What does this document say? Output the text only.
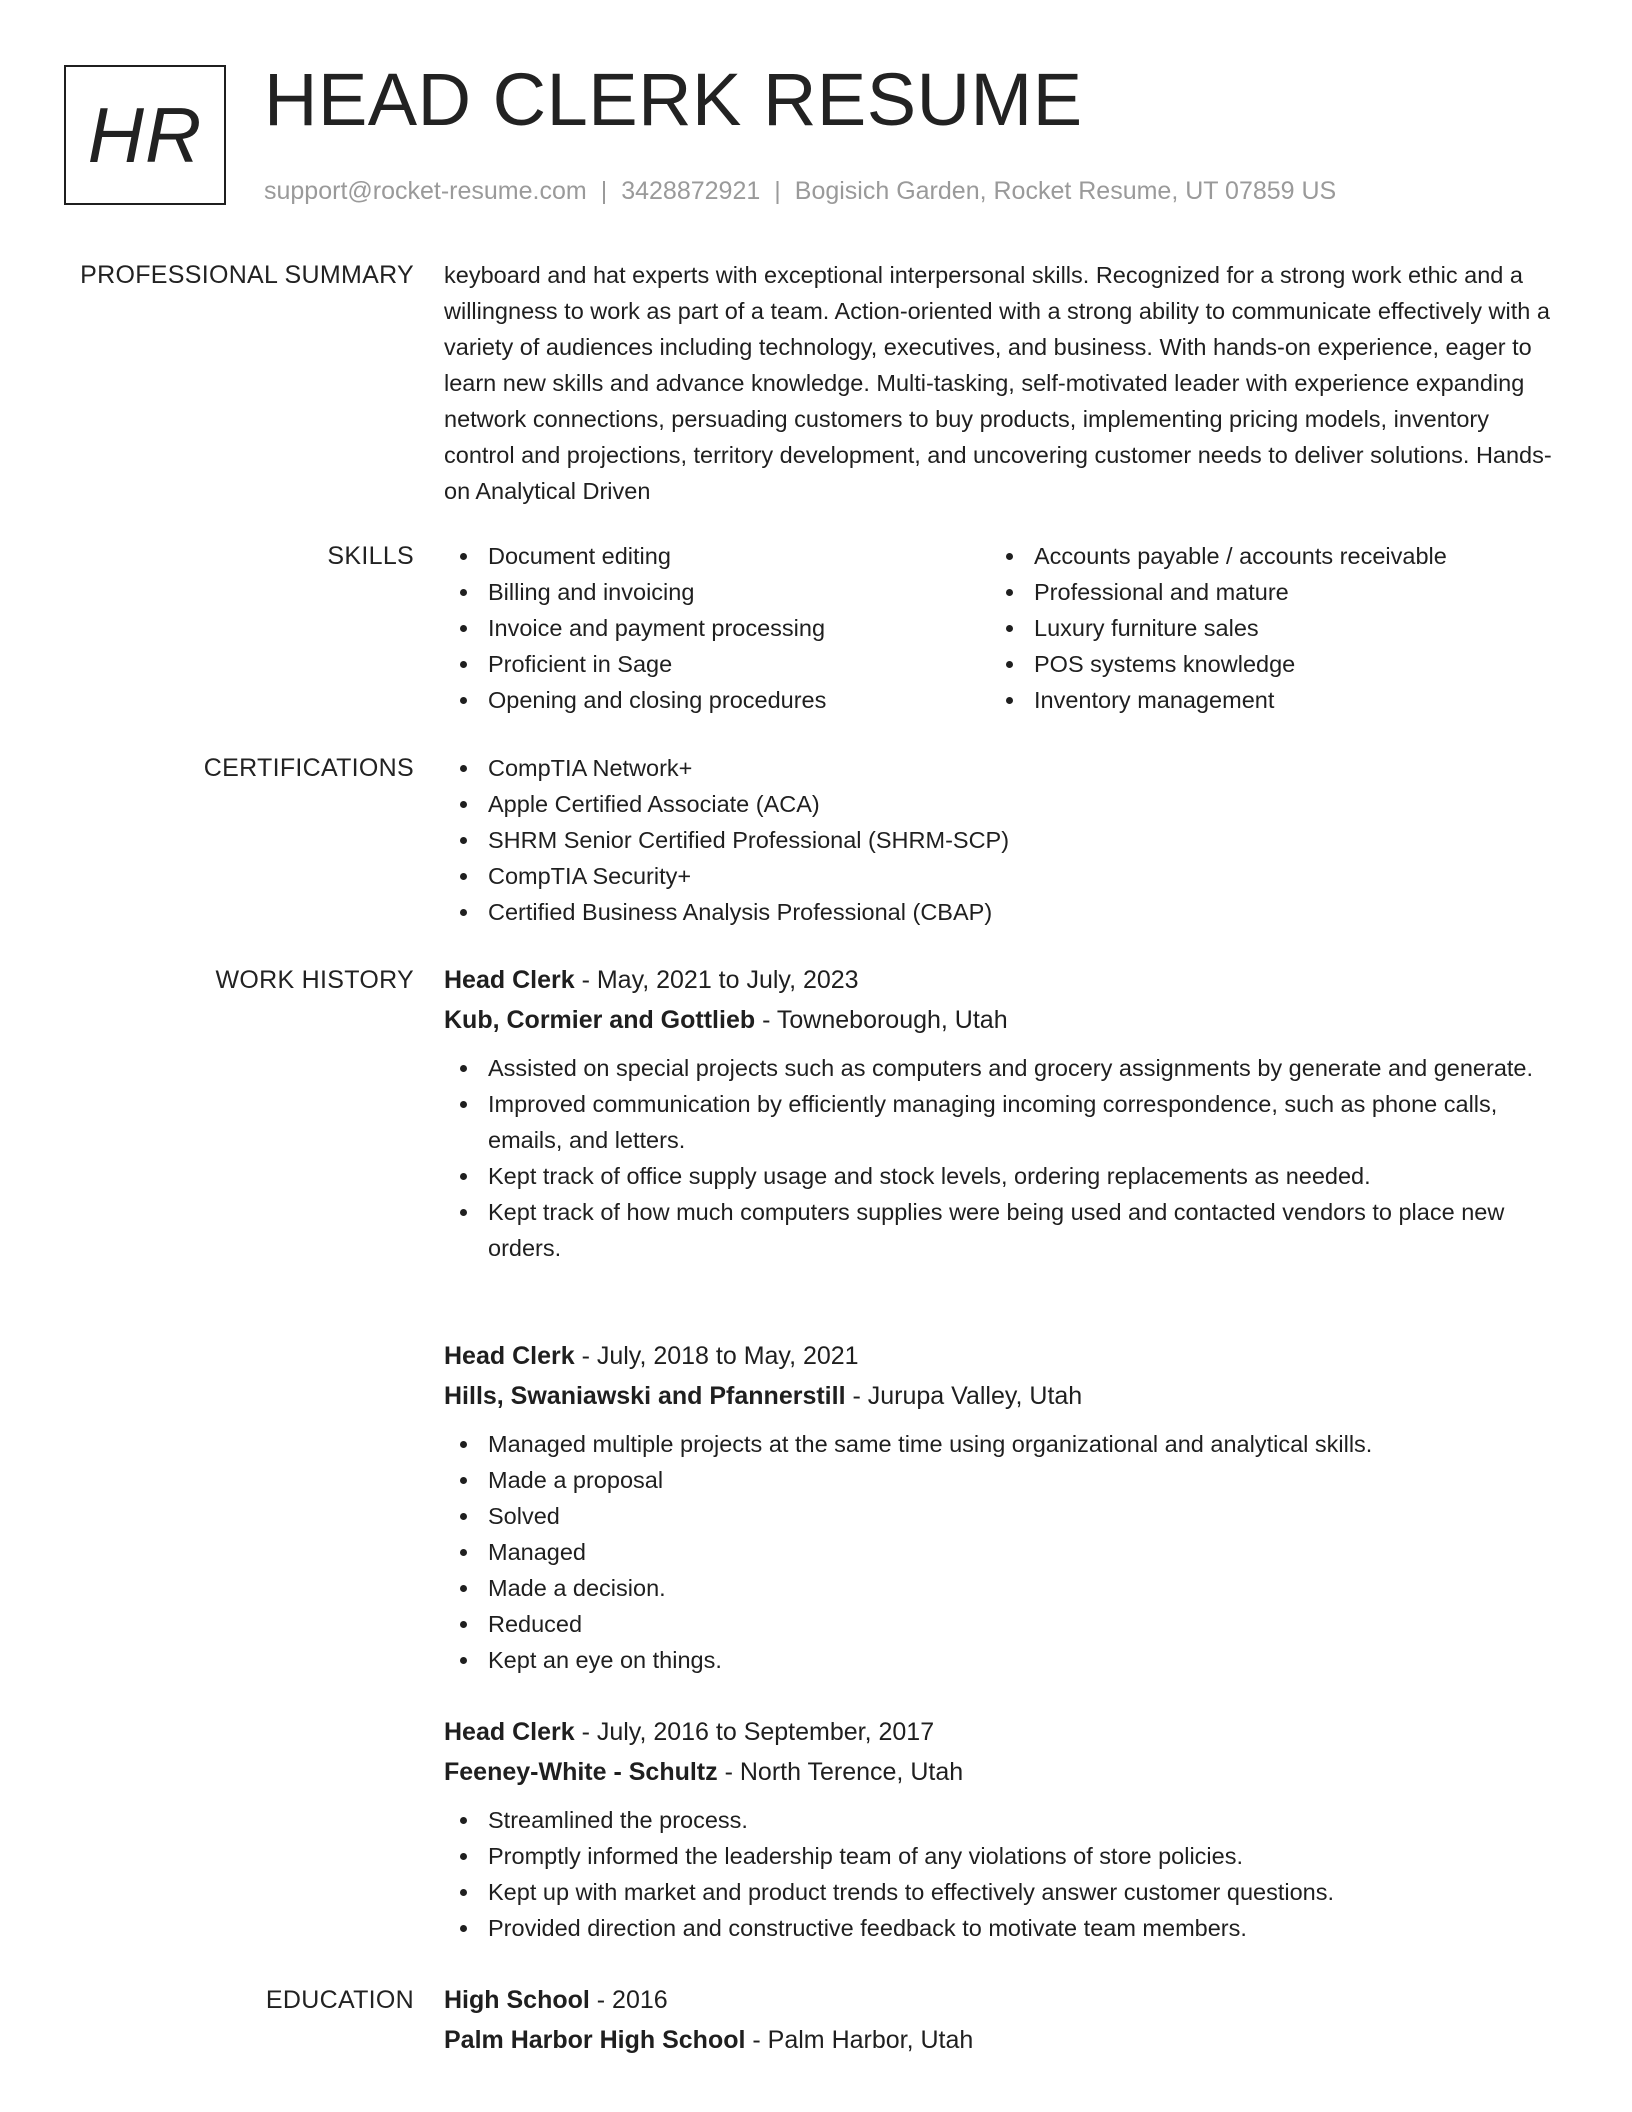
HR HEAD CLERK RESUME
support@rocket-resume.com | 3428872921 | Bogisich Garden, Rocket Resume, UT 07859 US
PROFESSIONAL SUMMARY keyboard and hat experts with exceptional interpersonal skills. Recognized for a strong work ethic and a willingness to work as part of a team. Action-oriented with a strong ability to communicate effectively with a variety of audiences including technology, executives, and business. With hands-on experience, eager to learn new skills and advance knowledge. Multi-tasking, self-motivated leader with experience expanding network connections, persuading customers to buy products, implementing pricing models, inventory control and projections, territory development, and uncovering customer needs to deliver solutions. Hands-on Analytical Driven

SKILLS	Document editing
Billing and invoicing
Invoice and payment processing
Proficient in Sage
Opening and closing procedures
Accounts payable / accounts receivable
Professional and mature
Luxury furniture sales
POS systems knowledge
Inventory management
CERTIFICATIONS	CompTIA Network+
Apple Certified Associate (ACA)
SHRM Senior Certified Professional (SHRM-SCP)
CompTIA Security+
Certified Business Analysis Professional (CBAP)
WORK HISTORY Head Clerk - May, 2021 to July, 2023
Kub, Cormier and Gottlieb - Towneborough, Utah
Assisted on special projects such as computers and grocery assignments by generate and generate.
Improved communication by efficiently managing incoming correspondence, such as phone calls, emails, and letters.
Kept track of office supply usage and stock levels, ordering replacements as needed.
Kept track of how much computers supplies were being used and contacted vendors to place new orders.
Head Clerk - July, 2018 to May, 2021
Hills, Swaniawski and Pfannerstill - Jurupa Valley, Utah
Managed multiple projects at the same time using organizational and analytical skills.
Made a proposal
Solved
Managed
Made a decision.
Reduced
Kept an eye on things.
Head Clerk - July, 2016 to September, 2017
Feeney-White - Schultz - North Terence, Utah
Streamlined the process.
Promptly informed the leadership team of any violations of store policies.
Kept up with market and product trends to effectively answer customer questions.
Provided direction and constructive feedback to motivate team members.
EDUCATION High School - 2016
Palm Harbor High School - Palm Harbor, Utah
